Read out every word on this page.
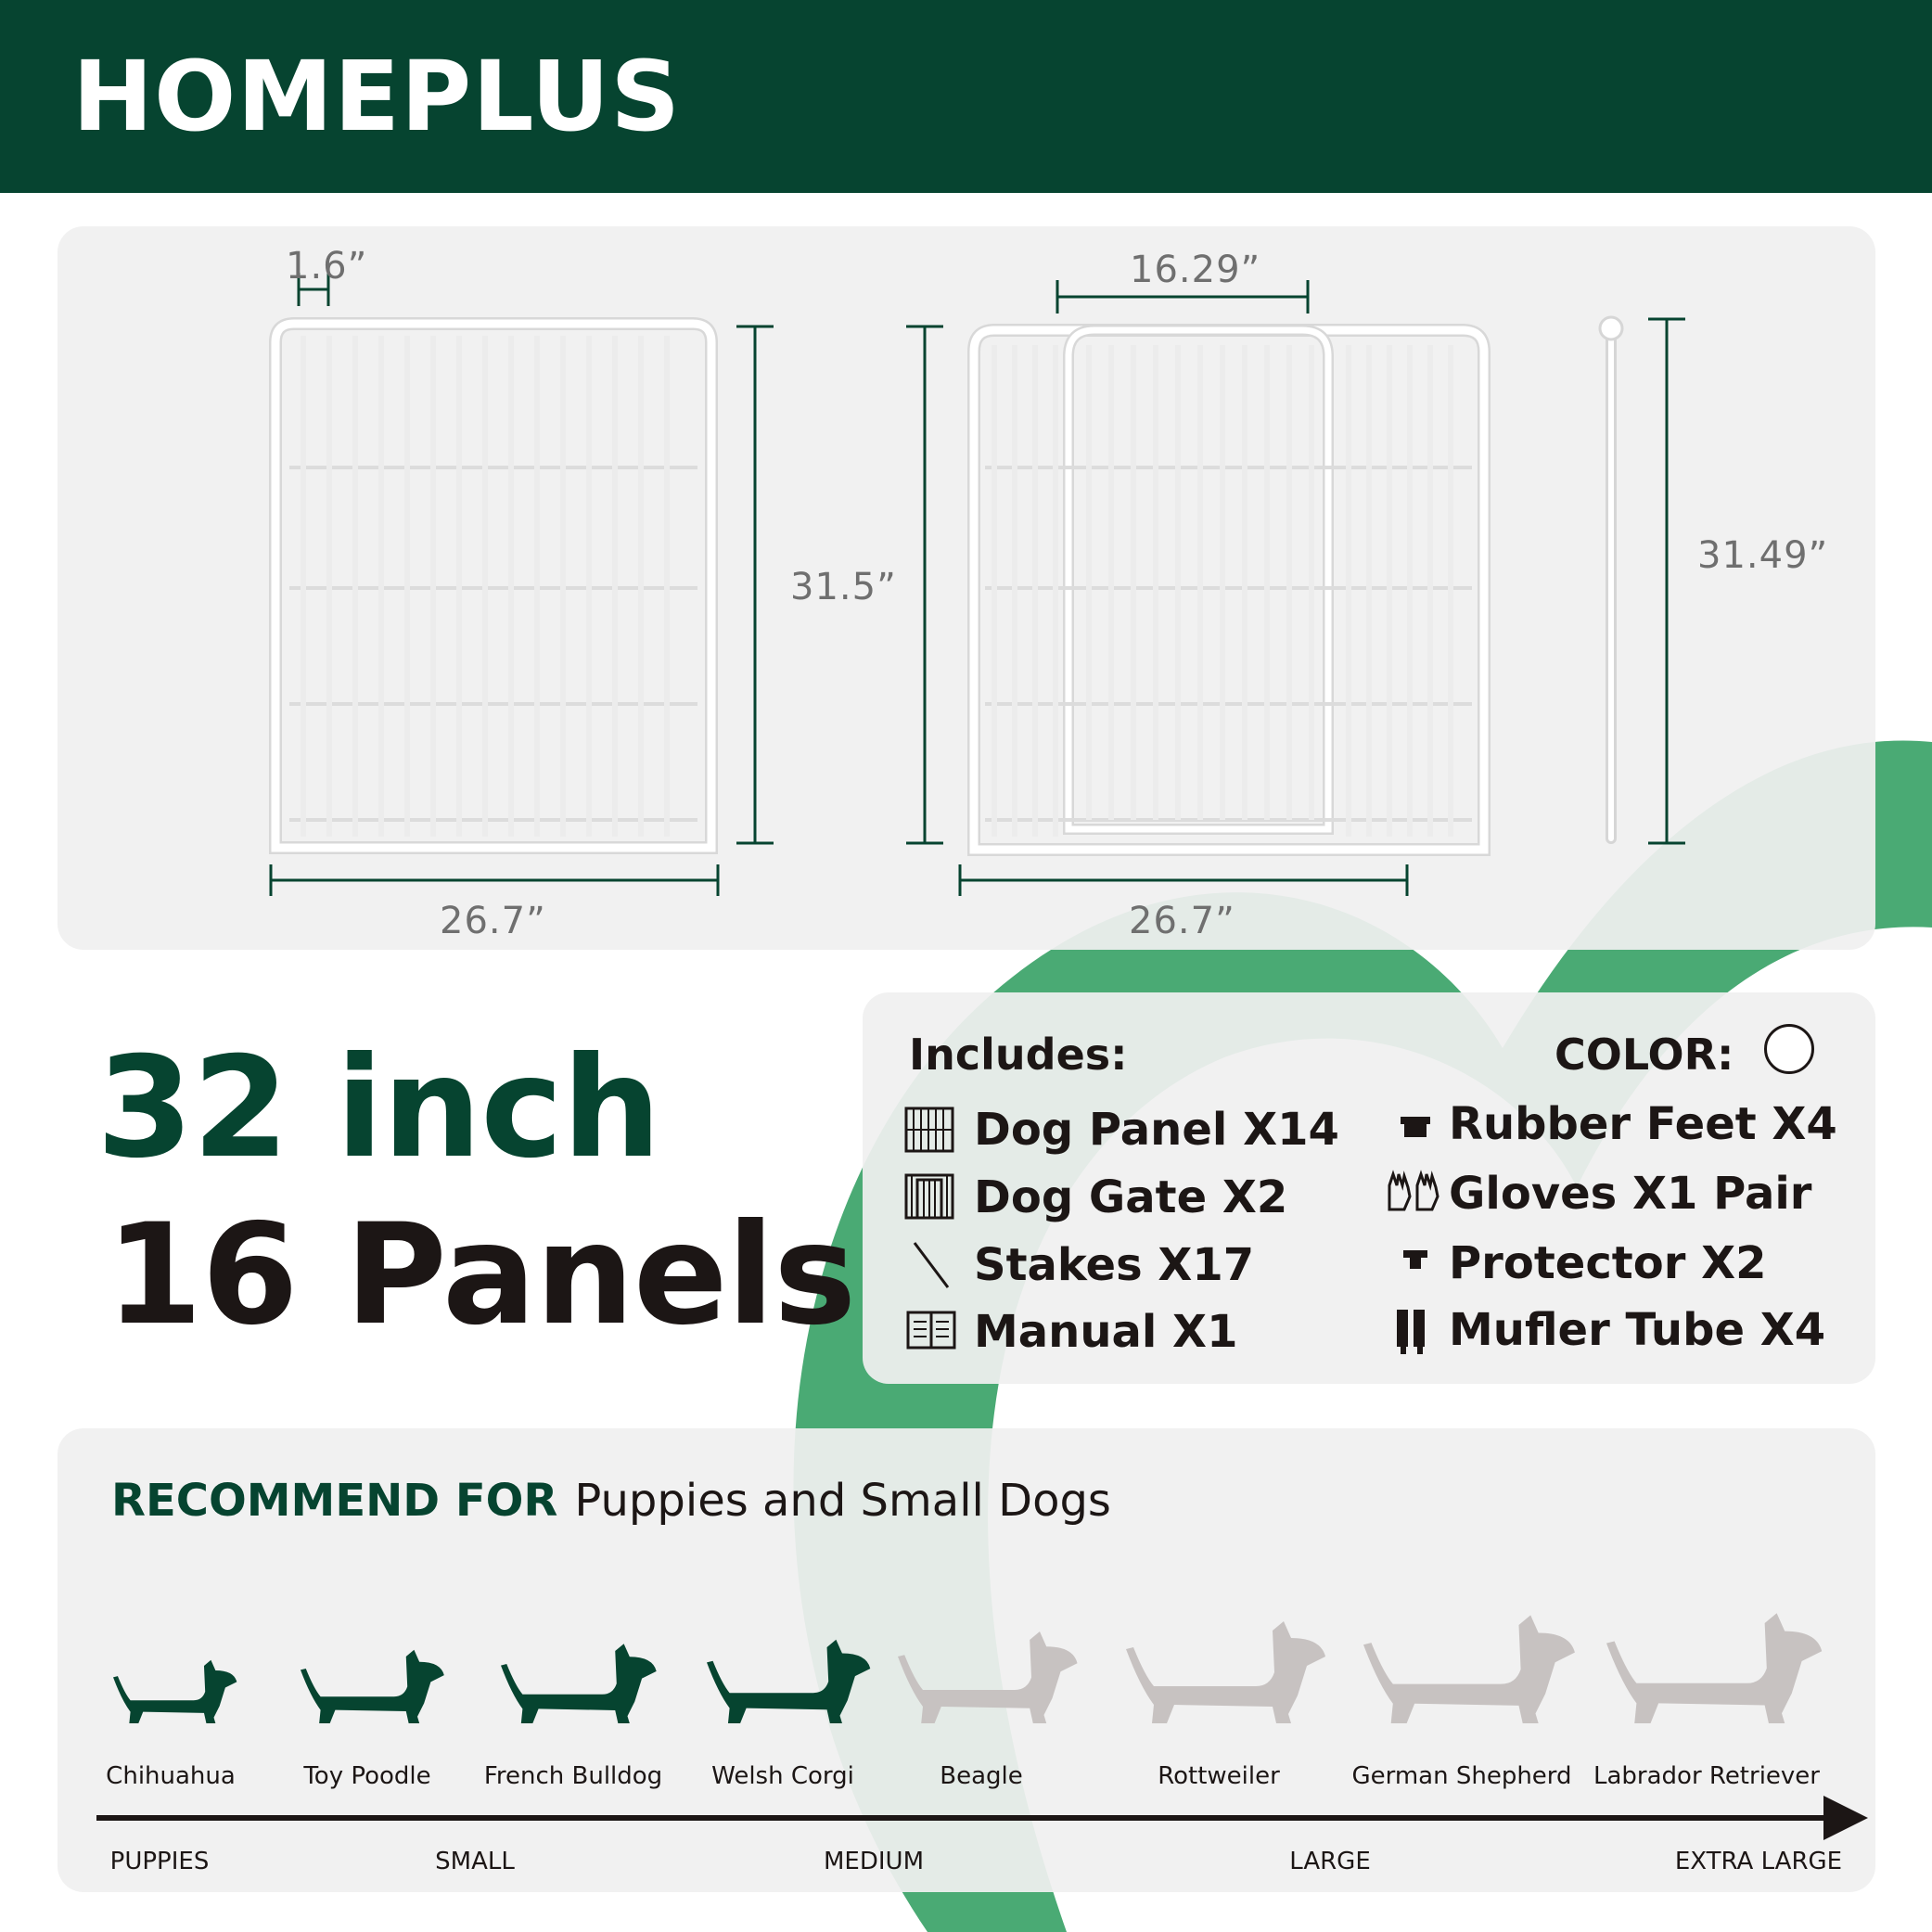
HOMEPLUS
1.6”
26.7”
31.5”
16.29”
26.7”
31.49”
32 inch
16 Panels
Includes:	COLOR:
Dog Panel X14
Dog Gate X2
Stakes X17
Manual X1
Rubber Feet X4
Gloves X1 Pair
Protector X2
Mufler Tube X4
RECOMMEND FOR Puppies and Small Dogs
Chihuahua	Toy Poodle French Bulldog Welsh Corgi	Beagle	Rottweiler	German Shepherd Labrador Retriever
PUPPIES	SMALL	MEDIUM	LARGE	EXTRA LARGE
